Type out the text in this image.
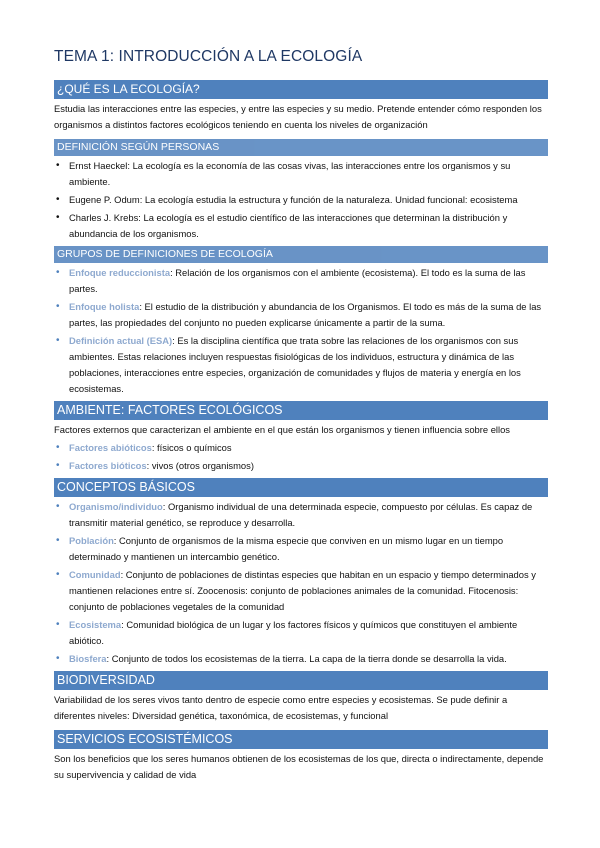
TEMA 1: INTRODUCCIÓN A LA ECOLOGÍA
¿QUÉ ES LA ECOLOGÍA?

Estudia las interacciones entre las especies, y entre las especies y su medio. Pretende entender cómo responden los organismos a distintos factores ecológicos teniendo en cuenta los niveles de organización

DEFINICIÓN SEGÚN PERSONAS
• Ernst Haeckel: La ecología es la economía de las cosas vivas, las interacciones entre los organismos y su ambiente.
• Eugene P. Odum: La ecología estudia la estructura y función de la naturaleza. Unidad funcional: ecosistema
• Charles J. Krebs: La ecología es el estudio científico de las interacciones que determinan la distribución y abundancia de los organismos.
GRUPOS DE DEFINICIONES DE ECOLOGÍA
• Enfoque reduccionista: Relación de los organismos con el ambiente (ecosistema). El todo es la suma de las partes.
• Enfoque holista: El estudio de la distribución y abundancia de los Organismos. El todo es más de la suma de las partes, las propiedades del conjunto no pueden explicarse únicamente a partir de la suma.
• Definición actual (ESA): Es la disciplina científica que trata sobre las relaciones de los organismos con sus ambientes. Estas relaciones incluyen respuestas fisiológicas de los individuos, estructura y dinámica de las poblaciones, interacciones entre especies, organización de comunidades y flujos de materia y energía en los ecosistemas.
AMBIENTE: FACTORES ECOLÓGICOS

Factores externos que caracterizan el ambiente en el que están los organismos y tienen influencia sobre ellos

• Factores abióticos: físicos o químicos
• Factores bióticos: vivos (otros organismos)
CONCEPTOS BÁSICOS
• Organismo/individuo: Organismo individual de una determinada especie, compuesto por células. Es capaz de transmitir material genético, se reproduce y desarrolla.
• Población: Conjunto de organismos de la misma especie que conviven en un mismo lugar en un tiempo determinado y mantienen un intercambio genético.
• Comunidad: Conjunto de poblaciones de distintas especies que habitan en un espacio y tiempo determinados y mantienen relaciones entre sí. Zoocenosis: conjunto de poblaciones animales de la comunidad. Fitocenosis: conjunto de poblaciones vegetales de la comunidad
• Ecosistema: Comunidad biológica de un lugar y los factores físicos y químicos que constituyen el ambiente abiótico.
• Biosfera: Conjunto de todos los ecosistemas de la tierra. La capa de la tierra donde se desarrolla la vida.
BIODIVERSIDAD

Variabilidad de los seres vivos tanto dentro de especie como entre especies y ecosistemas. Se pude definir a diferentes niveles: Diversidad genética, taxonómica, de ecosistemas, y funcional

SERVICIOS ECOSISTÉMICOS

Son los beneficios que los seres humanos obtienen de los ecosistemas de los que, directa o indirectamente, depende su supervivencia y calidad de vida
